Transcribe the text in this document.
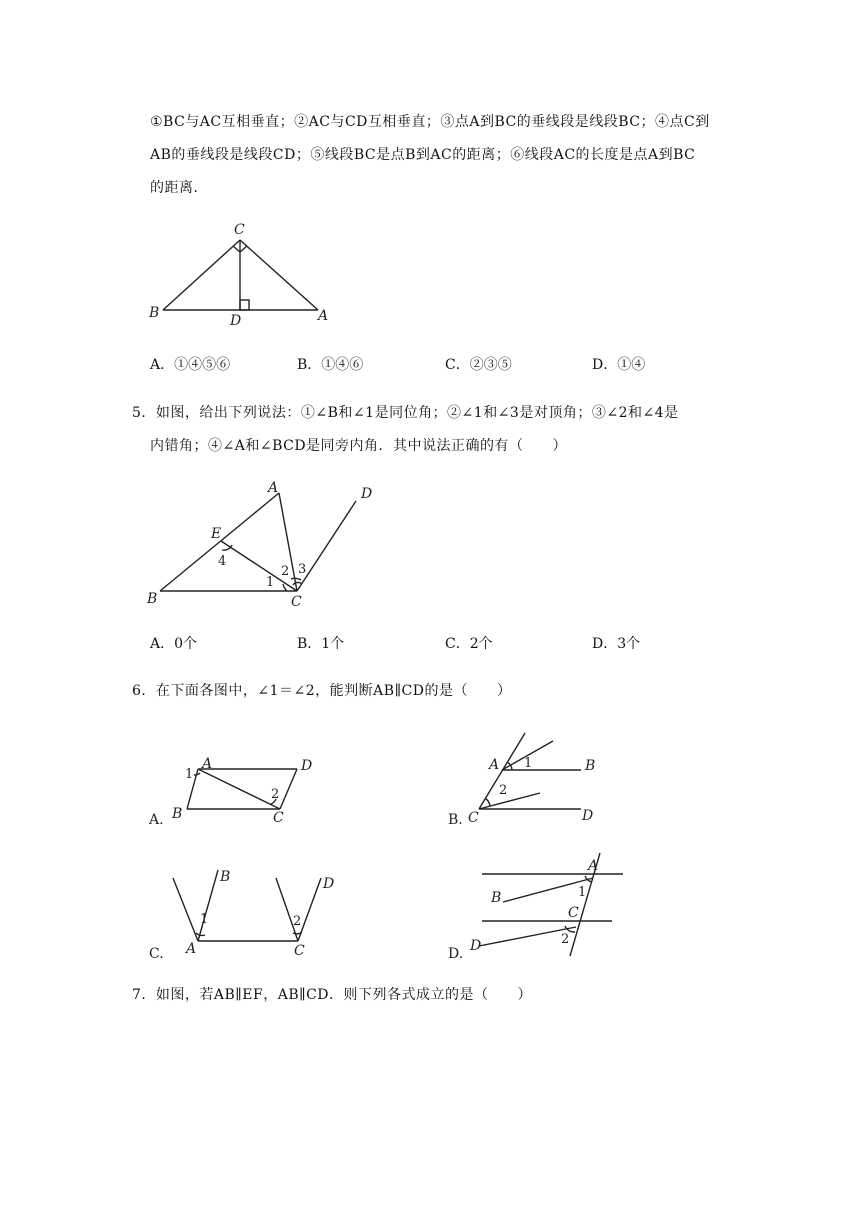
①BC与AC互相垂直；②AC与CD互相垂直；③点A到BC的垂线段是线段BC；④点C到
AB的垂线段是线段CD；⑤线段BC是点B到AC的距离；⑥线段AC的长度是点A到BC
的距离．
C
B	D	A
A．①④⑤⑥	B．①④⑥	C．②③⑤	D．①④
5．如图，给出下列说法：①∠B和∠1是同位角；②∠1和∠3是对顶角；③∠2和∠4是
内错角；④∠A和∠BCD是同旁内角．其中说法正确的有（　　）
A
B	C
D
E
1
2 3
4
A．0个	B．1个	C．2个	D．3个
6．在下面各图中，∠1＝∠2，能判断AB∥CD的是（　　）
A.
A	D
B	C
1
2
B.
A	B
C	D
1
2
C.
B	D
A	C
1	2
D.
A
B
C
D
1
2
7．如图，若AB∥EF，AB∥CD．则下列各式成立的是（　　）
